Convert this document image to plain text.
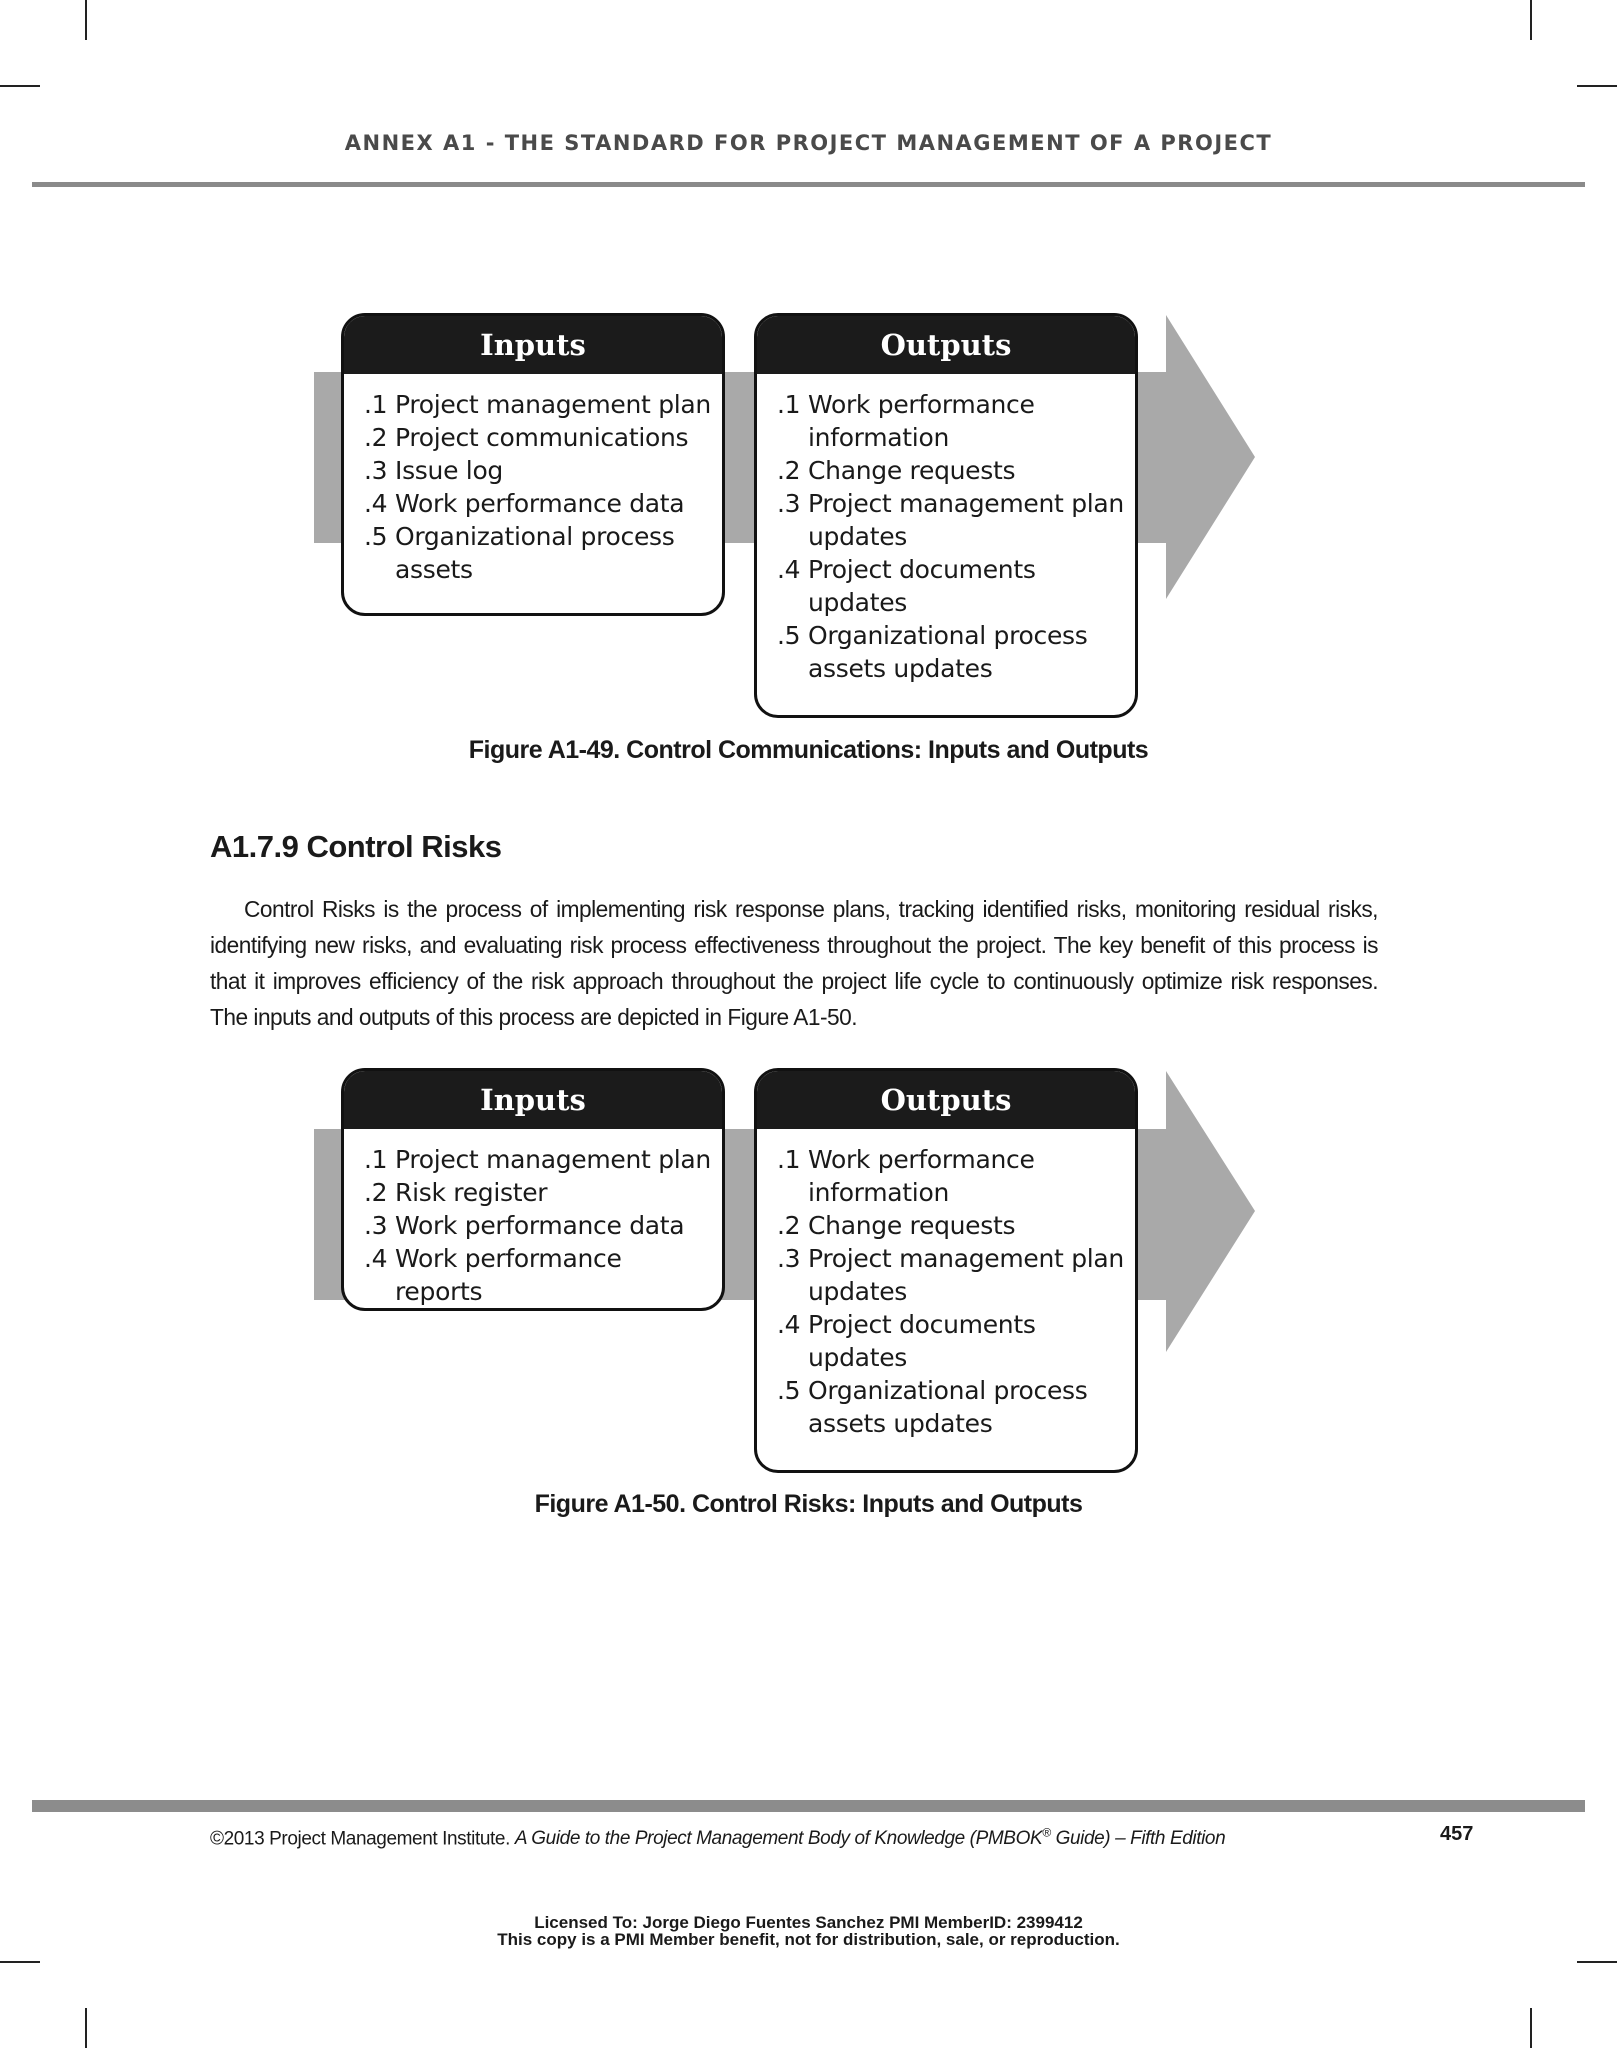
ANNEX A1 - THE STANDARD FOR PROJECT MANAGEMENT OF A PROJECT
Inputs
.1 Project management plan
.2 Project communications
.3 Issue log
.4 Work performance data
.5 Organizational process assets
Outputs
.1 Work performance information
.2 Change requests
.3 Project management plan updates
.4 Project documents updates
.5 Organizational process assets updates
Figure A1-49. Control Communications: Inputs and Outputs
A1.7.9 Control Risks
Control Risks is the process of implementing risk response plans, tracking identified risks, monitoring residual risks, identifying new risks, and evaluating risk process effectiveness throughout the project. The key benefit of this process is that it improves efficiency of the risk approach throughout the project life cycle to continuously optimize risk responses. The inputs and outputs of this process are depicted in Figure A1-50.
Inputs
.1 Project management plan
.2 Risk register
.3 Work performance data
.4 Work performance reports
Outputs
.1 Work performance information
.2 Change requests
.3 Project management plan updates
.4 Project documents updates
.5 Organizational process assets updates
Figure A1-50. Control Risks: Inputs and Outputs
©2013 Project Management Institute. A Guide to the Project Management Body of Knowledge (PMBOK® Guide) – Fifth Edition	457
Licensed To: Jorge Diego Fuentes Sanchez PMI MemberID: 2399412
This copy is a PMI Member benefit, not for distribution, sale, or reproduction.
